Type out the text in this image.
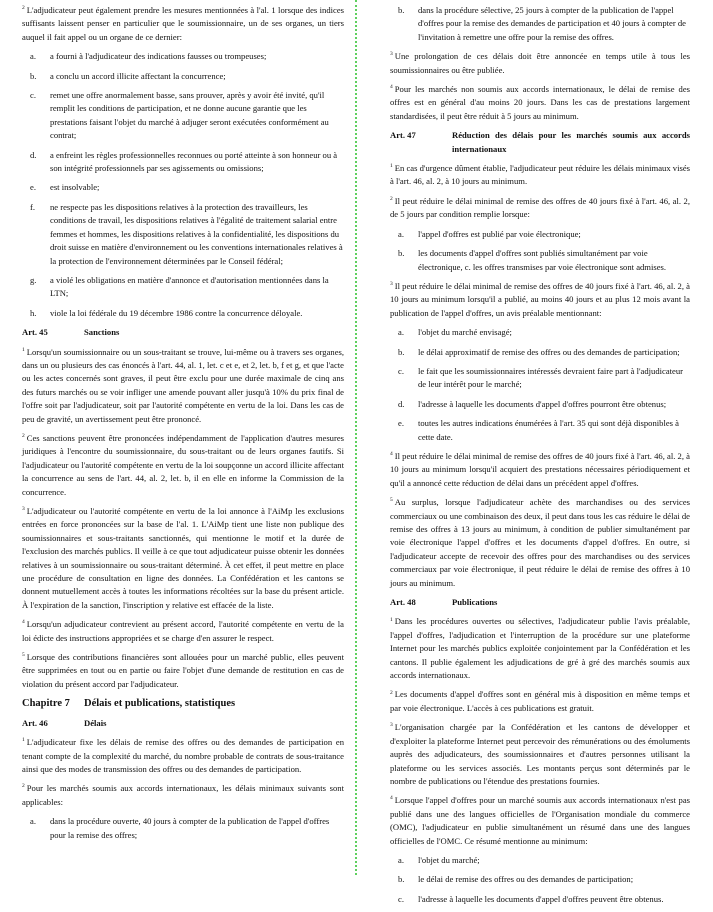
$^2$ L'adjudicateur peut également prendre les mesures mentionnées à l'al. 1 lorsque des indices suffisants laissent penser en particulier que le soumissionnaire, un de ses organes, un tiers auquel il fait appel ou un organe de ce dernier:

a.	a fourni à l'adjudicateur des indications fausses ou trompeuses;
b.	a conclu un accord illicite affectant la concurrence;
c.	remet une offre anormalement basse, sans prouver, après y avoir été invité, qu'il remplit les conditions de participation, et ne donne aucune garantie que les prestations faisant l'objet du marché à adjuger seront exécutées conformément au contrat;
d.	a enfreint les règles professionnelles reconnues ou porté atteinte à son honneur ou à son intégrité professionnels par ses agissements ou omissions;
e.	est insolvable;
f.	ne respecte pas les dispositions relatives à la protection des travailleurs, les conditions de travail, les dispositions relatives à l'égalité de traitement salarial entre femmes et hommes, les dispositions relatives à la confidentialité, les dispositions du droit suisse en matière d'environnement ou les conventions internationales relatives à la protection de l'environnement déterminées par le Conseil fédéral;
g.	a violé les obligations en matière d'annonce et d'autorisation mentionnées dans la LTN;
h.	viole la loi fédérale du 19 décembre 1986 contre la concurrence déloyale.
Art. 45	Sanctions

$^1$ Lorsqu'un soumissionnaire ou un sous-traitant se trouve, lui-même ou à travers ses organes, dans un ou plusieurs des cas énoncés à l'art. 44, al. 1, let. c et e, et 2, let. b, f et g, et que l'acte ou les actes concernés sont graves, il peut être exclu pour une durée maximale de cinq ans des futurs marchés ou se voir infliger une amende pouvant aller jusqu'à 10% du prix final de l'offre soit par l'adjudicateur, soit par l'autorité compétente en vertu de la loi. Dans les cas de peu de gravité, un avertissement peut être prononcé.

$^2$ Ces sanctions peuvent être prononcées indépendamment de l'application d'autres mesures juridiques à l'encontre du soumissionnaire, du sous-traitant ou de leurs organes fautifs. Si l'adjudicateur ou l'autorité compétente en vertu de la loi soupçonne un accord illicite affectant la concurrence au sens de l'art. 44, al. 2, let. b, il en elle en informe la Commission de la concurrence.

$^3$ L'adjudicateur ou l'autorité compétente en vertu de la loi annonce à l'AiMp les exclusions entrées en force prononcées sur la base de l'al. 1. L'AiMp tient une liste non publique des soumissionnaires et sous-traitants sanctionnés, qui mentionne le motif et la durée de l'exclusion des marchés publics. Il veille à ce que tout adjudicateur puisse obtenir les données relatives à un soumissionnaire ou sous-traitant déterminé. À cet effet, il peut mettre en place une procédure de consultation en ligne des données. La Confédération et les cantons se donnent mutuellement accès à toutes les informations récoltées sur la base du présent article. À l'expiration de la sanction, l'inscription y relative est effacée de la liste.

$^4$ Lorsqu'un adjudicateur contrevient au présent accord, l'autorité compétente en vertu de la loi édicte des instructions appropriées et se charge d'en assurer le respect.

$^5$ Lorsque des contributions financières sont allouées pour un marché public, elles peuvent être supprimées en tout ou en partie ou faire l'objet d'une demande de restitution en cas de violation du présent accord par l'adjudicateur.

Chapitre 7	Délais et publications, statistiques
Art. 46	Délais

$^1$ L'adjudicateur fixe les délais de remise des offres ou des demandes de participation en tenant compte de la complexité du marché, du nombre probable de contrats de sous-traitance ainsi que des modes de transmission des offres ou des demandes de participation.

$^2$ Pour les marchés soumis aux accords internationaux, les délais minimaux suivants sont applicables:

a.	dans la procédure ouverte, 40 jours à compter de la publication de l'appel d'offres pour la remise des offres;
b.	dans la procédure sélective, 25 jours à compter de la publication de l'appel d'offres pour la remise des demandes de participation et 40 jours à compter de l'invitation à remettre une offre pour la remise des offres.

$^3$ Une prolongation de ces délais doit être annoncée en temps utile à tous les soumissionnaires ou être publiée.

$^4$ Pour les marchés non soumis aux accords internationaux, le délai de remise des offres est en général d'au moins 20 jours. Dans les cas de prestations largement standardisées, il peut être réduit à 5 jours au minimum.

Art. 47	Réduction des délais pour les marchés soumis aux accords internationaux

$^1$ En cas d'urgence dûment établie, l'adjudicateur peut réduire les délais minimaux visés à l'art. 46, al. 2, à 10 jours au minimum.

$^2$ Il peut réduire le délai minimal de remise des offres de 40 jours fixé à l'art. 46, al. 2, de 5 jours par condition remplie lorsque:

a.	l'appel d'offres est publié par voie électronique;
b.	les documents d'appel d'offres sont publiés simultanément par voie électronique, c. les offres transmises par voie électronique sont admises.

$^3$ Il peut réduire le délai minimal de remise des offres de 40 jours fixé à l'art. 46, al. 2, à 10 jours au minimum lorsqu'il a publié, au moins 40 jours et au plus 12 mois avant la publication de l'appel d'offres, un avis préalable mentionnant:

a.	l'objet du marché envisagé;
b.	le délai approximatif de remise des offres ou des demandes de participation;
c.	le fait que les soumissionnaires intéressés devraient faire part à l'adjudicateur de leur intérêt pour le marché;
d.	l'adresse à laquelle les documents d'appel d'offres pourront être obtenus;
e.	toutes les autres indications énumérées à l'art. 35 qui sont déjà disponibles à cette date.

$^4$ Il peut réduire le délai minimal de remise des offres de 40 jours fixé à l'art. 46, al. 2, à 10 jours au minimum lorsqu'il acquiert des prestations nécessaires périodiquement et qu'il a annoncé cette réduction de délai dans un précédent appel d'offres.

$^5$ Au surplus, lorsque l'adjudicateur achète des marchandises ou des services commerciaux ou une combinaison des deux, il peut dans tous les cas réduire le délai de remise des offres à 13 jours au minimum, à condition de publier simultanément par voie électronique l'appel d'offres et les documents d'appel d'offres. En outre, si l'adjudicateur accepte de recevoir des offres pour des marchandises ou des services commerciaux par voie électronique, il peut réduire le délai de remise des offres à 10 jours au minimum.

Art. 48	Publications

$^1$ Dans les procédures ouvertes ou sélectives, l'adjudicateur publie l'avis préalable, l'appel d'offres, l'adjudication et l'interruption de la procédure sur une plateforme Internet pour les marchés publics exploitée conjointement par la Confédération et les cantons. Il publie également les adjudications de gré à gré des marchés soumis aux accords internationaux.

$^2$ Les documents d'appel d'offres sont en général mis à disposition en même temps et par voie électronique. L'accès à ces publications est gratuit.

$^3$ L'organisation chargée par la Confédération et les cantons de développer et d'exploiter la plateforme Internet peut percevoir des rémunérations ou des émoluments auprès des adjudicateurs, des soumissionnaires et d'autres personnes utilisant la plateforme ou les services associés. Les montants perçus sont déterminés par le nombre de publications ou l'étendue des prestations fournies.

$^4$ Lorsque l'appel d'offres pour un marché soumis aux accords internationaux n'est pas publié dans une des langues officielles de l'Organisation mondiale du commerce (OMC), l'adjudicateur en publie simultanément un résumé dans une des langues officielles de l'OMC. Ce résumé mentionne au minimum:

a.	l'objet du marché;
b.	le délai de remise des offres ou des demandes de participation;
c.	l'adresse à laquelle les documents d'appel d'offres peuvent être obtenus.
